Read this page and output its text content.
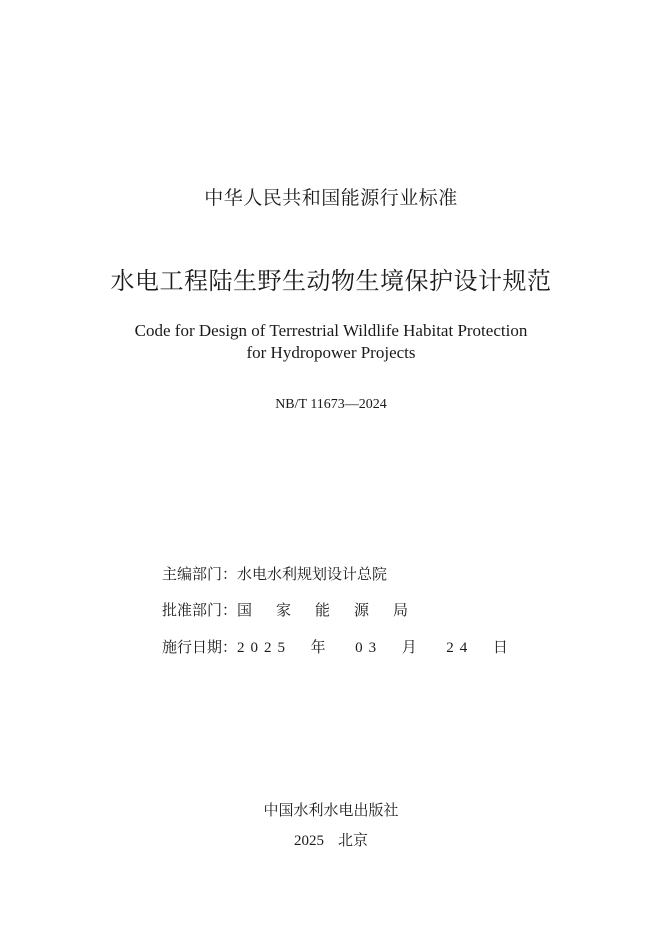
中华人民共和国能源行业标准
水电工程陆生野生动物生境保护设计规范
Code for Design of Terrestrial Wildlife Habitat Protection
for Hydropower Projects
NB/T 11673—2024
主编部门： 水电水利规划设计总院
批准部门： 国 家 能 源 局
施行日期： 2025 年 03 月 24 日
中国水利水电出版社
2025 北京
